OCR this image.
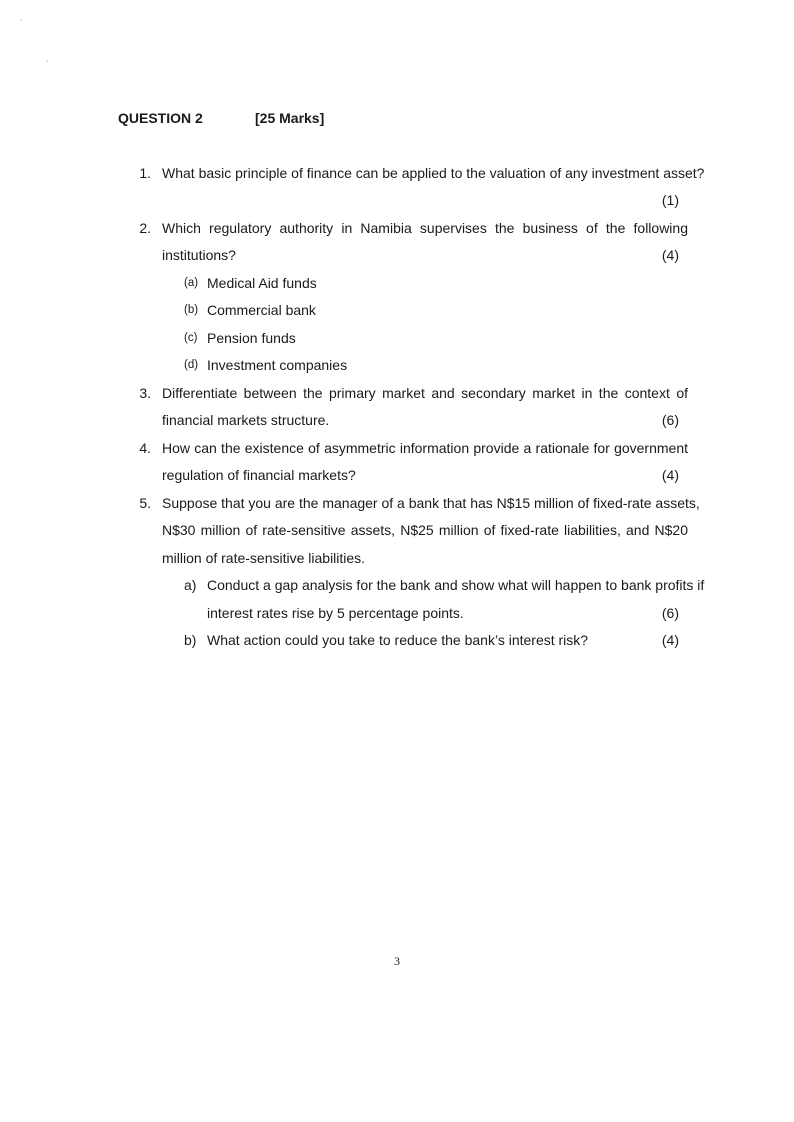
,
,
QUESTION 2	[25 Marks]
1. What basic principle of finance can be applied to the valuation of any investment asset?
(1)
2. Which regulatory authority in Namibia supervises the business of the following
institutions?	(4)
(a) Medical Aid funds
(b) Commercial bank
(c) Pension funds
(d) Investment companies
3. Differentiate between the primary market and secondary market in the context of
financial markets structure.	(6)
4. How can the existence of asymmetric information provide a rationale for government
regulation of financial markets?	(4)
5. Suppose that you are the manager of a bank that has N$15 million of fixed-rate assets,
N$30 million of rate-sensitive assets, N$25 million of fixed-rate liabilities, and N$20
million of rate-sensitive liabilities.
a) Conduct a gap analysis for the bank and show what will happen to bank profits if
interest rates rise by 5 percentage points.	(6)
b) What action could you take to reduce the bank’s interest risk?	(4)
3
